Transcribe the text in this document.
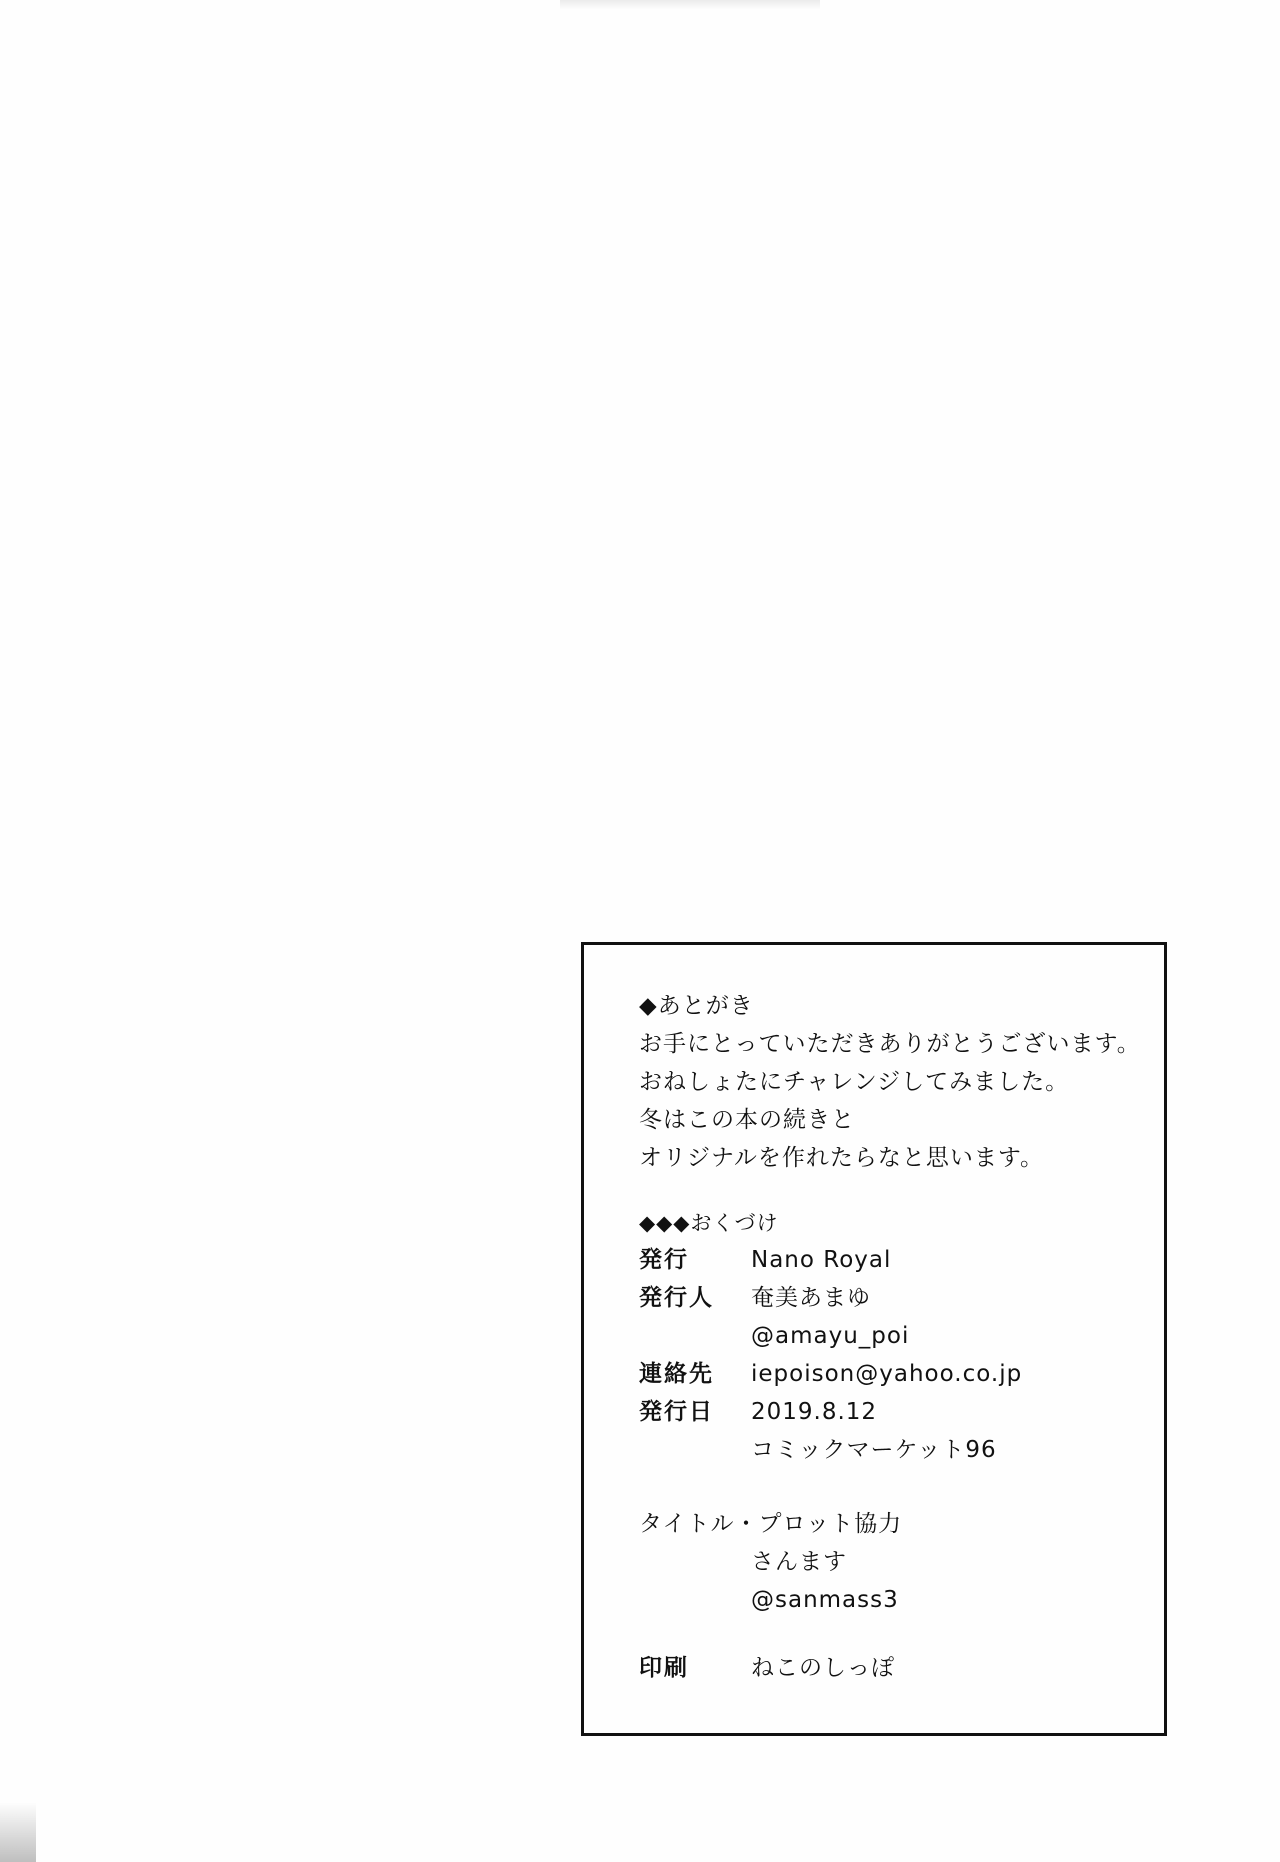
◆あとがき
お手にとっていただきありがとうございます。
おねしょたにチャレンジしてみました。
冬はこの本の続きと
オリジナルを作れたらなと思います。
◆◆◆おくづけ
発行	Nano Royal
発行人	奄美あまゆ
@amayu_poi
連絡先	iepoison@yahoo.co.jp
発行日	2019.8.12
コミックマーケット96
タイトル・プロット協力
さんます
@sanmass3
印刷	ねこのしっぽ
